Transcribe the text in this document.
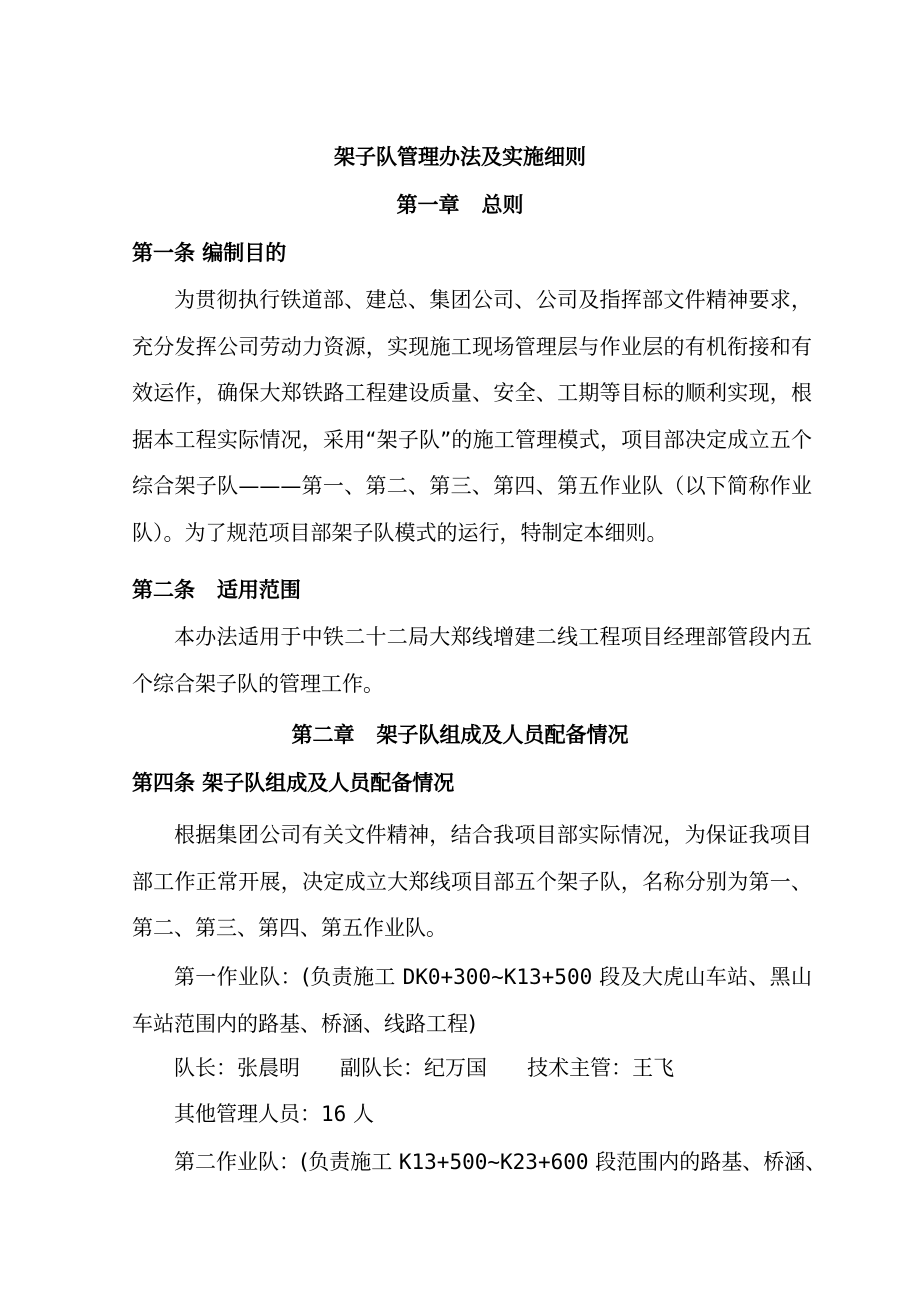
架子队管理办法及实施细则
第一章   总则
第一条 编制目的
为贯彻执行铁道部、建总、集团公司、公司及指挥部文件精神要求，充分发挥公司劳动力资源，实现施工现场管理层与作业层的有机衔接和有效运作，确保大郑铁路工程建设质量、安全、工期等目标的顺利实现，根据本工程实际情况，采用“架子队”的施工管理模式，项目部决定成立五个综合架子队———第一、第二、第三、第四、第五作业队（以下简称作业队）。为了规范项目部架子队模式的运行，特制定本细则。
第二条   适用范围
本办法适用于中铁二十二局大郑线增建二线工程项目经理部管段内五个综合架子队的管理工作。
第二章   架子队组成及人员配备情况
第四条 架子队组成及人员配备情况
根据集团公司有关文件精神，结合我项目部实际情况，为保证我项目部工作正常开展，决定成立大郑线项目部五个架子队，名称分别为第一、第二、第三、第四、第五作业队。
第一作业队：(负责施工 DK0+300~K13+500 段及大虎山车站、黑山车站范围内的路基、桥涵、线路工程)
队长：张晨明      副队长：纪万国      技术主管：王飞
其他管理人员：16 人
第二作业队：(负责施工 K13+500~K23+600 段范围内的路基、桥涵、
